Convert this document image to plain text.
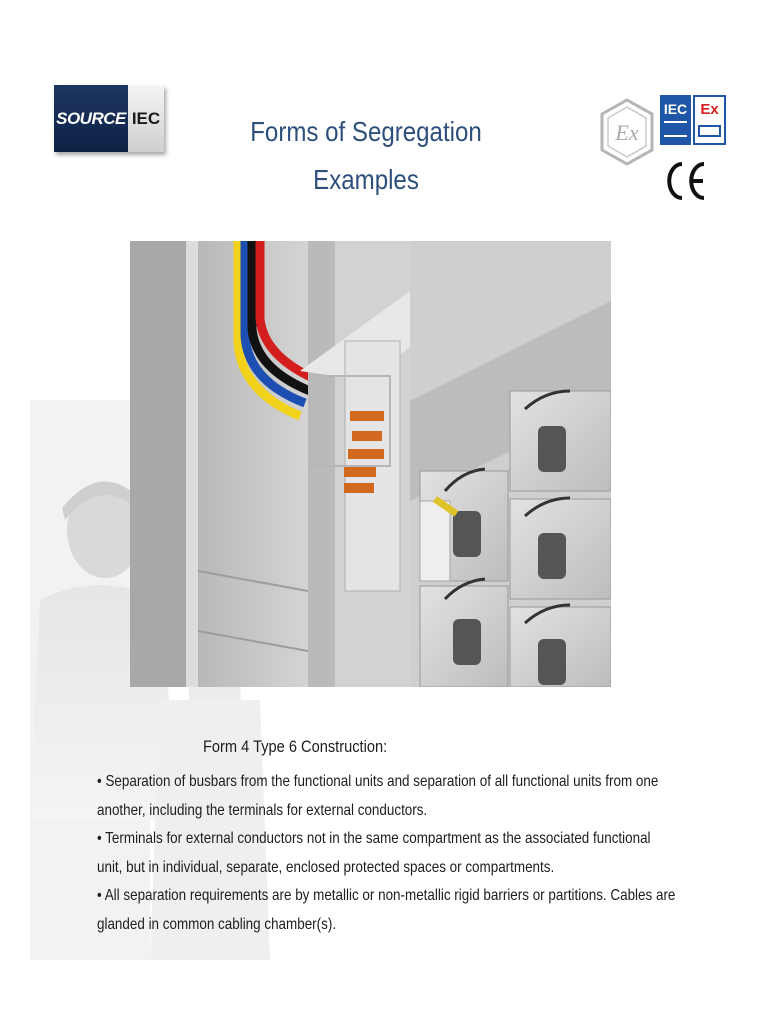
SOURCE IEC	Forms of Segregation
Examples
Ex
IEC Ex
Form 4 Type 6 Construction:

• Separation of busbars from the functional units and separation of all functional units from one another, including the terminals for external conductors.

• Terminals for external conductors not in the same compartment as the associated functional unit, but in individual, separate, enclosed protected spaces or compartments.

• All separation requirements are by metallic or non-metallic rigid barriers or partitions. Cables are glanded in common cabling chamber(s).
